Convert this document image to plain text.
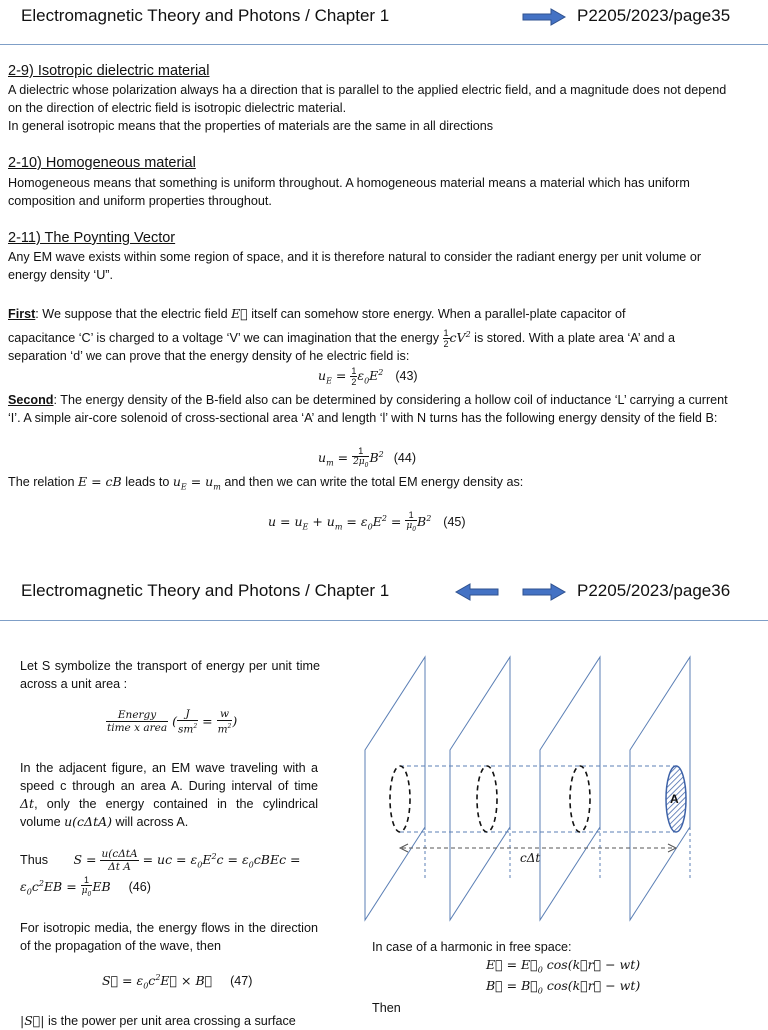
Electromagnetic Theory and Photons / Chapter 1	P2205/2023/page35
2-9) Isotropic dielectric material
A dielectric whose polarization always ha a direction that is parallel to the applied electric field, and a magnitude does not depend on the direction of electric field is isotropic dielectric material.
In general isotropic means that the properties of materials are the same in all directions
2-10) Homogeneous material
Homogeneous means that something is uniform throughout. A homogeneous material means a material which has uniform composition and uniform properties throughout.
2-11) The Poynting Vector
Any EM wave exists within some region of space, and it is therefore natural to consider the radiant energy per unit volume or energy density ‘U”.
First: We suppose that the electric field E⃗ itself can somehow store energy. When a parallel-plate capacitor of
capacitance ‘C’ is charged to a voltage ‘V’ we can imagination that the energy $\frac{1}{2} cV^2$ is stored. With a plate area ‘A’ and a
separation ‘d’ we can prove that the energy density of he electric field is:
$u_E = \frac{1}{2} \varepsilon_0E^2$ (43)
Second: The energy density of the B-field also can be determined by considering a hollow coil of inductance ‘L’ carrying a current ‘I’. A simple air-core solenoid of cross-sectional area ‘A’ and length ‘l’ with N turns has the following energy density of the field B:
$u_m = \frac{1}{2\mu_0} B^2$ (44)
The relation E = cB leads to $u_E = u_m$ and then we can write the total EM energy density as:
$u = u_E + u_m = \varepsilon_0E^2 = \frac{1}{\mu_0} B^2$ (45)
Electromagnetic Theory and Photons / Chapter 1	P2205/2023/page36
Let S symbolize the transport of energy per unit time across a unit area :
$\frac{\text{Energy}}{\text{time x area}}$ ( $\frac{J}{sm^2} = \frac{w}{m^2}$ )
In the adjacent figure, an EM wave traveling with a speed c through an area A. During interval of time Δt, only the energy contained in the cylindrical volume u(cΔtA) will across A.
Thus $S = \frac{\text{u(cΔtA}}{\text{Δt A}}$ = uc = $\varepsilon_0E^2c$ = $\varepsilon_0cBEc$ =
$\varepsilon_0c^2EB = \frac{1}{\mu_0}$ EB (46)
For isotropic media, the energy flows in the direction of the propagation of the wave, then
S⃗ = $\varepsilon_0c^2E⃗$ × B⃗ (47)
|S⃗| is the power per unit area crossing a surface
A
cΔt
In case of a harmonic in free space:
E⃗ = $E⃗_0$ cos(k⃗r⃗ − wt)
B⃗ = $B⃗_0$ cos(k⃗r⃗ − wt)
Then
